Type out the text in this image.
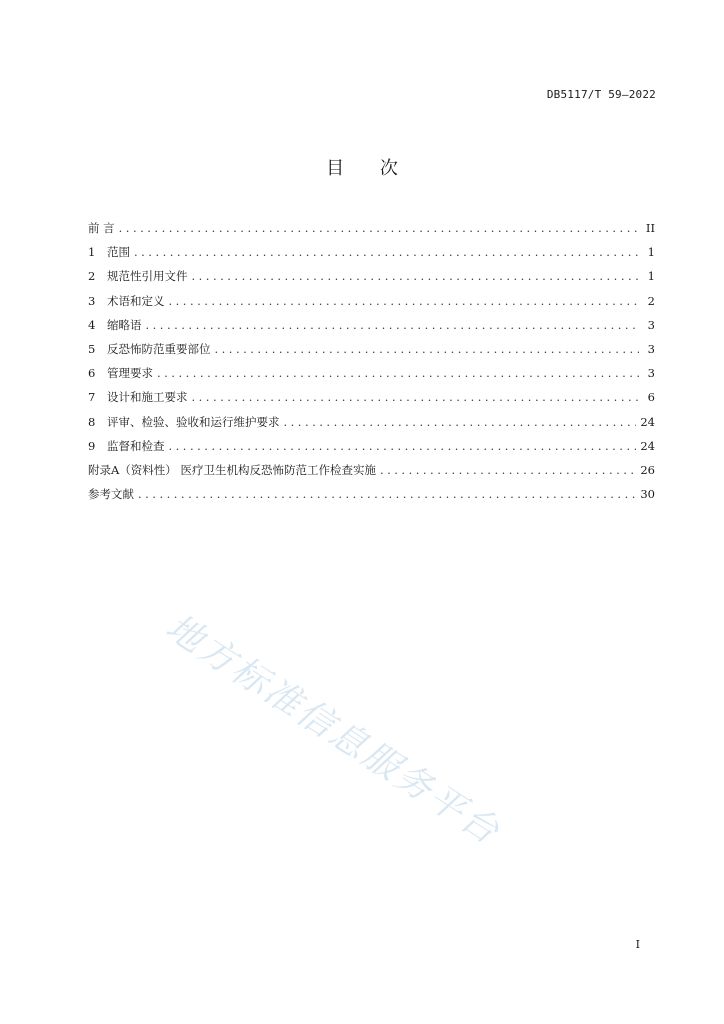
DB5117/T 59—2022
目 次
前 言 .....	II
1	范围 .....	1
2	规范性引用文件 .....	1
3	术语和定义 .....	2
4	缩略语 .....	3
5	反恐怖防范重要部位 .....	3
6	管理要求 .....	3
7	设计和施工要求 .....	6
8	评审、检验、验收和运行维护要求 .....	24
9	监督和检查 .....	24
附录A（资料性） 医疗卫生机构反恐怖防范工作检查实施 .....	26
参考文献 .....	30
地方标准信息服务平台
I
